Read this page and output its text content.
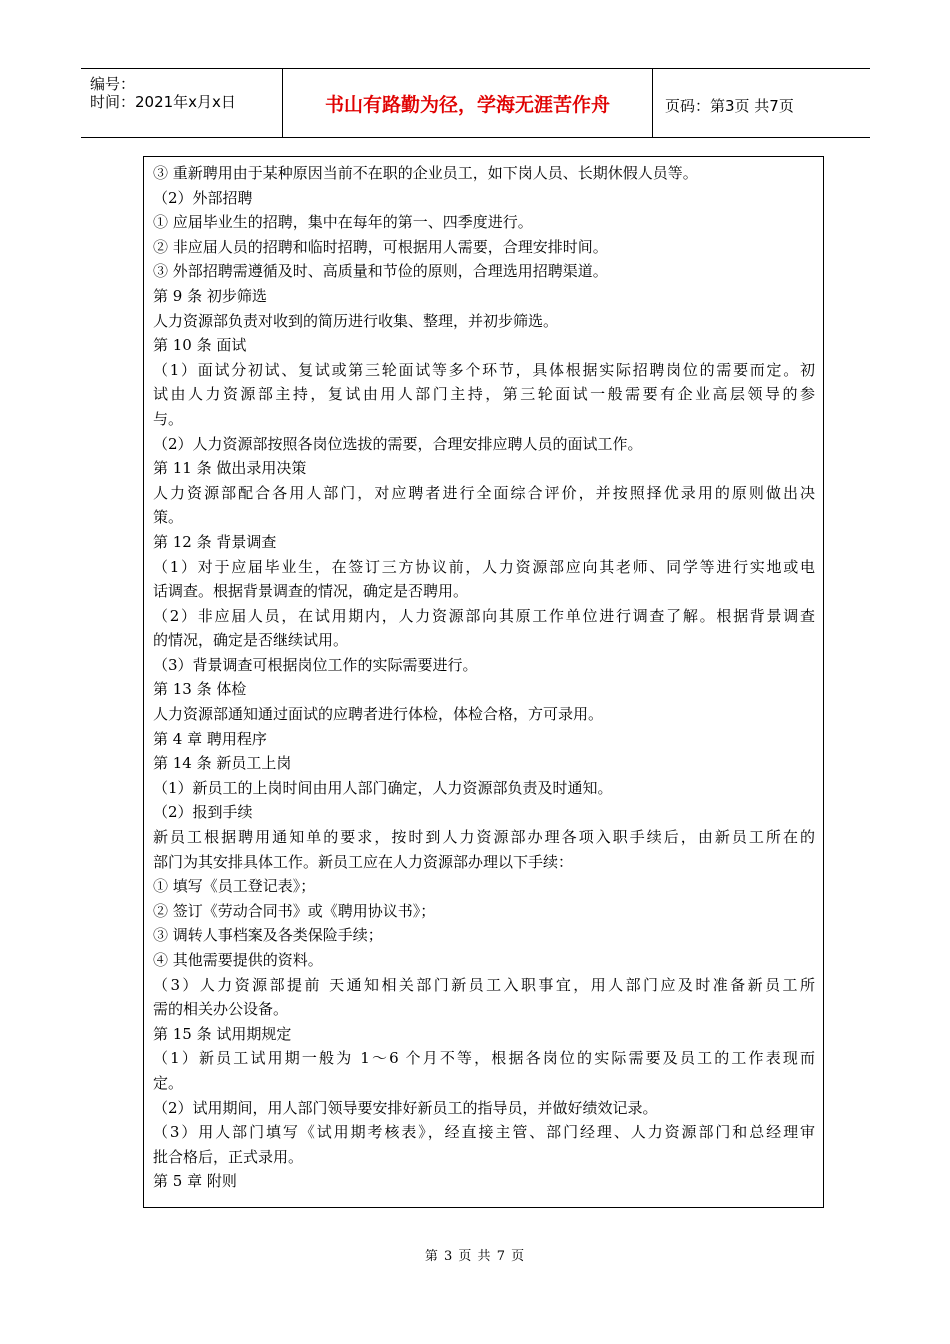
编号：
时间：2021年x月x日	书山有路勤为径，学海无涯苦作舟	页码：第3页 共7页
③ 重新聘用由于某种原因当前不在职的企业员工，如下岗人员、长期休假人员等。
（2）外部招聘
① 应届毕业生的招聘，集中在每年的第一、四季度进行。
② 非应届人员的招聘和临时招聘，可根据用人需要，合理安排时间。
③ 外部招聘需遵循及时、高质量和节俭的原则，合理选用招聘渠道。
第 9 条 初步筛选
人力资源部负责对收到的简历进行收集、整理，并初步筛选。
第 10 条 面试
（1）面试分初试、复试或第三轮面试等多个环节，具体根据实际招聘岗位的需要而定。初
试由人力资源部主持，复试由用人部门主持，第三轮面试一般需要有企业高层领导的参
与。
（2）人力资源部按照各岗位选拔的需要，合理安排应聘人员的面试工作。
第 11 条 做出录用决策
人力资源部配合各用人部门，对应聘者进行全面综合评价，并按照择优录用的原则做出决
策。
第 12 条 背景调查
（1）对于应届毕业生，在签订三方协议前，人力资源部应向其老师、同学等进行实地或电
话调查。根据背景调查的情况，确定是否聘用。
（2）非应届人员，在试用期内，人力资源部向其原工作单位进行调查了解。根据背景调查
的情况，确定是否继续试用。
（3）背景调查可根据岗位工作的实际需要进行。
第 13 条 体检
人力资源部通知通过面试的应聘者进行体检，体检合格，方可录用。
第 4 章 聘用程序
第 14 条 新员工上岗
（1）新员工的上岗时间由用人部门确定，人力资源部负责及时通知。
（2）报到手续
新员工根据聘用通知单的要求，按时到人力资源部办理各项入职手续后，由新员工所在的
部门为其安排具体工作。新员工应在人力资源部办理以下手续：
① 填写《员工登记表》；
② 签订《劳动合同书》或《聘用协议书》；
③ 调转人事档案及各类保险手续；
④ 其他需要提供的资料。
（3）人力资源部提前 天通知相关部门新员工入职事宜，用人部门应及时准备新员工所
需的相关办公设备。
第 15 条 试用期规定
（1）新员工试用期一般为 1～6 个月不等，根据各岗位的实际需要及员工的工作表现而
定。
（2）试用期间，用人部门领导要安排好新员工的指导员，并做好绩效记录。
（3）用人部门填写《试用期考核表》，经直接主管、部门经理、人力资源部门和总经理审
批合格后，正式录用。
第 5 章 附则
第 3 页 共 7 页
